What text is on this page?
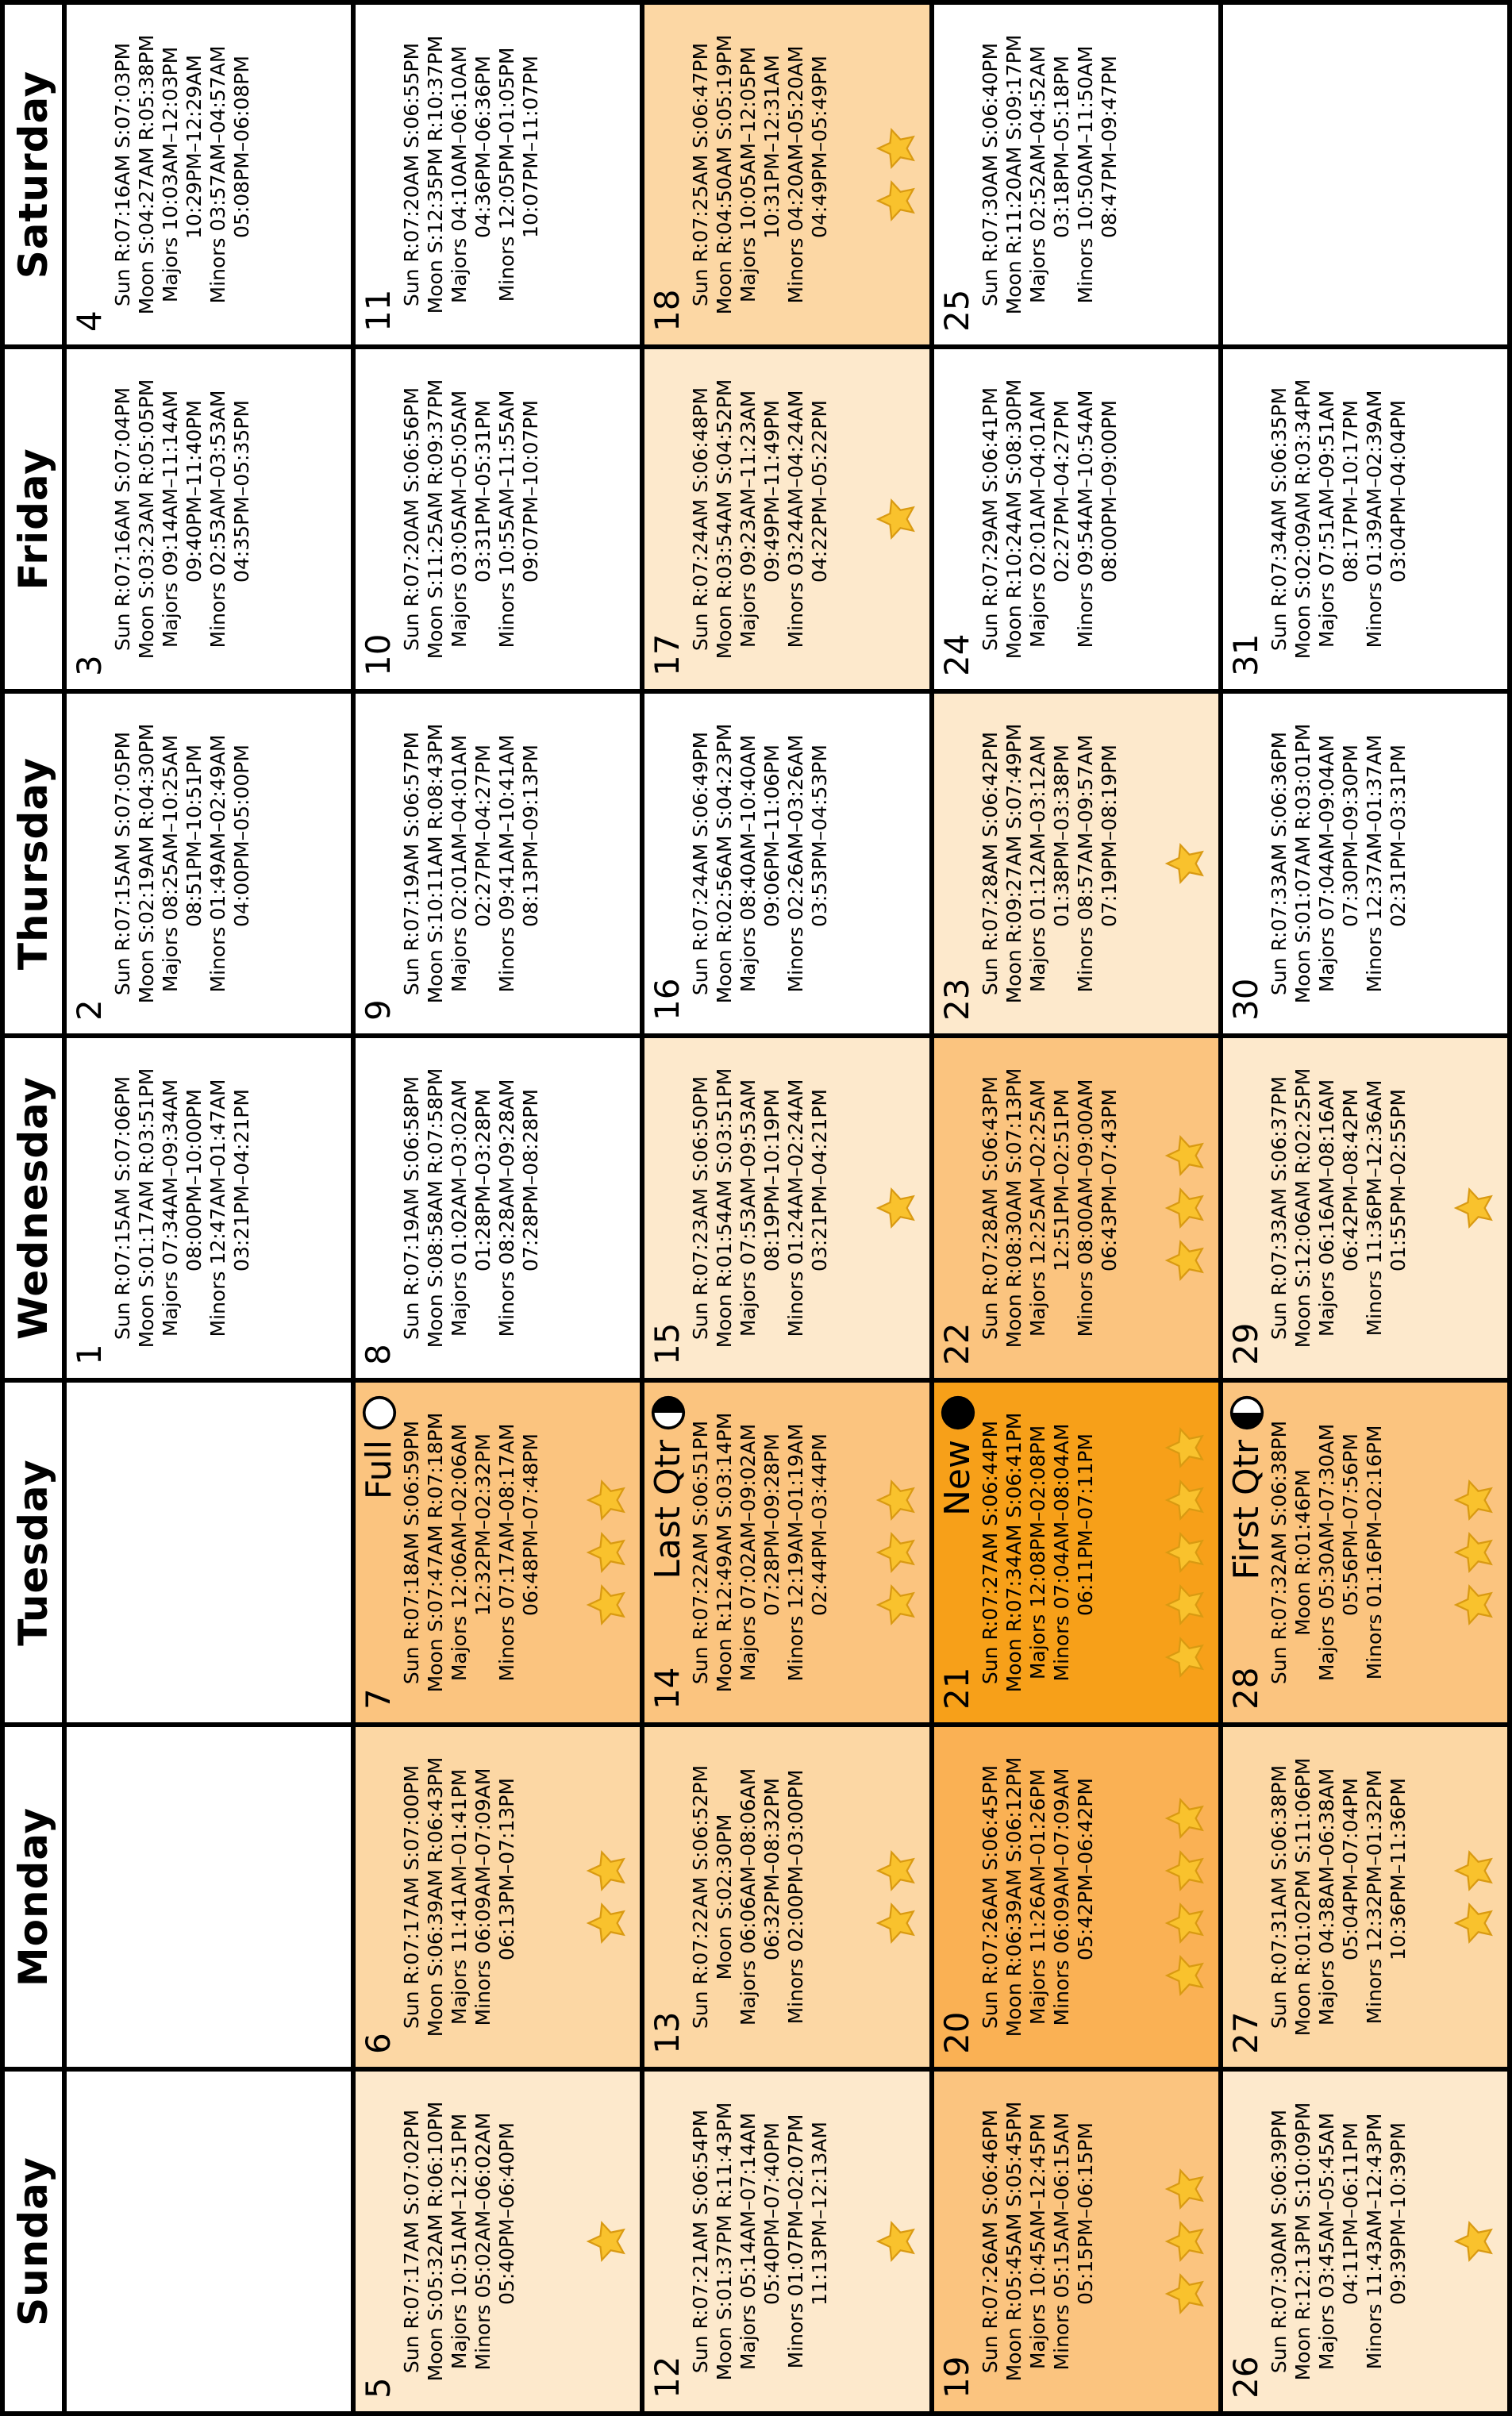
Sunday
Monday
Tuesday
Wednesday
Thursday
Friday
Saturday
1
Sun R:07:15AM S:07:06PM
Moon S:01:17AM R:03:51PM
Majors 07:34AM–09:34AM 08:00PM–10:00PM
Minors 12:47AM–01:47AM 03:21PM–04:21PM
2
Sun R:07:15AM S:07:05PM
Moon S:02:19AM R:04:30PM
Majors 08:25AM–10:25AM 08:51PM–10:51PM
Minors 01:49AM–02:49AM 04:00PM–05:00PM
3
Sun R:07:16AM S:07:04PM
Moon S:03:23AM R:05:05PM
Majors 09:14AM–11:14AM 09:40PM–11:40PM
Minors 02:53AM–03:53AM 04:35PM–05:35PM
4
Sun R:07:16AM S:07:03PM
Moon S:04:27AM R:05:38PM
Majors 10:03AM–12:03PM 10:29PM–12:29AM
Minors 03:57AM–04:57AM 05:08PM–06:08PM
5
Sun R:07:17AM S:07:02PM
Moon S:05:32AM R:06:10PM
Majors 10:51AM–12:51PM
Minors 05:02AM–06:02AM 05:40PM–06:40PM
6
Sun R:07:17AM S:07:00PM
Moon S:06:39AM R:06:43PM
Majors 11:41AM–01:41PM
Minors 06:09AM–07:09AM 06:13PM–07:13PM
7
Full
Sun R:07:18AM S:06:59PM
Moon S:07:47AM R:07:18PM
Majors 12:06AM–02:06AM 12:32PM–02:32PM
Minors 07:17AM–08:17AM 06:48PM–07:48PM
8
Sun R:07:19AM S:06:58PM
Moon S:08:58AM R:07:58PM
Majors 01:02AM–03:02AM 01:28PM–03:28PM
Minors 08:28AM–09:28AM 07:28PM–08:28PM
9
Sun R:07:19AM S:06:57PM
Moon S:10:11AM R:08:43PM
Majors 02:01AM–04:01AM 02:27PM–04:27PM
Minors 09:41AM–10:41AM 08:13PM–09:13PM
10
Sun R:07:20AM S:06:56PM
Moon S:11:25AM R:09:37PM
Majors 03:05AM–05:05AM 03:31PM–05:31PM
Minors 10:55AM–11:55AM 09:07PM–10:07PM
11
Sun R:07:20AM S:06:55PM
Moon S:12:35PM R:10:37PM
Majors 04:10AM–06:10AM 04:36PM–06:36PM
Minors 12:05PM–01:05PM 10:07PM–11:07PM
12
Sun R:07:21AM S:06:54PM
Moon S:01:37PM R:11:43PM
Majors 05:14AM–07:14AM 05:40PM–07:40PM
Minors 01:07PM–02:07PM 11:13PM–12:13AM
13
Sun R:07:22AM S:06:52PM Moon S:02:30PM
Majors 06:06AM–08:06AM 06:32PM–08:32PM
Minors 02:00PM–03:00PM
14
Last Qtr
Sun R:07:22AM S:06:51PM
Moon R:12:49AM S:03:14PM
Majors 07:02AM–09:02AM 07:28PM–09:28PM
Minors 12:19AM–01:19AM 02:44PM–03:44PM
15
Sun R:07:23AM S:06:50PM
Moon R:01:54AM S:03:51PM
Majors 07:53AM–09:53AM 08:19PM–10:19PM
Minors 01:24AM–02:24AM 03:21PM–04:21PM
16
Sun R:07:24AM S:06:49PM
Moon R:02:56AM S:04:23PM
Majors 08:40AM–10:40AM 09:06PM–11:06PM
Minors 02:26AM–03:26AM 03:53PM–04:53PM
17
Sun R:07:24AM S:06:48PM
Moon R:03:54AM S:04:52PM
Majors 09:23AM–11:23AM 09:49PM–11:49PM
Minors 03:24AM–04:24AM 04:22PM–05:22PM
18
Sun R:07:25AM S:06:47PM
Moon R:04:50AM S:05:19PM
Majors 10:05AM–12:05PM 10:31PM–12:31AM
Minors 04:20AM–05:20AM 04:49PM–05:49PM
19
Sun R:07:26AM S:06:46PM
Moon R:05:45AM S:05:45PM
Majors 10:45AM–12:45PM
Minors 05:15AM–06:15AM 05:15PM–06:15PM
20
Sun R:07:26AM S:06:45PM
Moon R:06:39AM S:06:12PM
Majors 11:26AM–01:26PM
Minors 06:09AM–07:09AM 05:42PM–06:42PM
21
New
Sun R:07:27AM S:06:44PM
Moon R:07:34AM S:06:41PM
Majors 12:08PM–02:08PM
Minors 07:04AM–08:04AM 06:11PM–07:11PM
22
Sun R:07:28AM S:06:43PM
Moon R:08:30AM S:07:13PM
Majors 12:25AM–02:25AM 12:51PM–02:51PM
Minors 08:00AM–09:00AM 06:43PM–07:43PM
23
Sun R:07:28AM S:06:42PM
Moon R:09:27AM S:07:49PM
Majors 01:12AM–03:12AM 01:38PM–03:38PM
Minors 08:57AM–09:57AM 07:19PM–08:19PM
24
Sun R:07:29AM S:06:41PM
Moon R:10:24AM S:08:30PM
Majors 02:01AM–04:01AM 02:27PM–04:27PM
Minors 09:54AM–10:54AM 08:00PM–09:00PM
25
Sun R:07:30AM S:06:40PM
Moon R:11:20AM S:09:17PM
Majors 02:52AM–04:52AM 03:18PM–05:18PM
Minors 10:50AM–11:50AM 08:47PM–09:47PM
26
Sun R:07:30AM S:06:39PM
Moon R:12:13PM S:10:09PM
Majors 03:45AM–05:45AM 04:11PM–06:11PM
Minors 11:43AM–12:43PM 09:39PM–10:39PM
27
Sun R:07:31AM S:06:38PM
Moon R:01:02PM S:11:06PM
Majors 04:38AM–06:38AM 05:04PM–07:04PM
Minors 12:32PM–01:32PM 10:36PM–11:36PM
28
First Qtr
Sun R:07:32AM S:06:38PM Moon R:01:46PM
Majors 05:30AM–07:30AM 05:56PM–07:56PM
Minors 01:16PM–02:16PM
29
Sun R:07:33AM S:06:37PM
Moon S:12:06AM R:02:25PM
Majors 06:16AM–08:16AM 06:42PM–08:42PM
Minors 11:36PM–12:36AM 01:55PM–02:55PM
30
Sun R:07:33AM S:06:36PM
Moon S:01:07AM R:03:01PM
Majors 07:04AM–09:04AM 07:30PM–09:30PM
Minors 12:37AM–01:37AM 02:31PM–03:31PM
31
Sun R:07:34AM S:06:35PM
Moon S:02:09AM R:03:34PM
Majors 07:51AM–09:51AM 08:17PM–10:17PM
Minors 01:39AM–02:39AM 03:04PM–04:04PM
